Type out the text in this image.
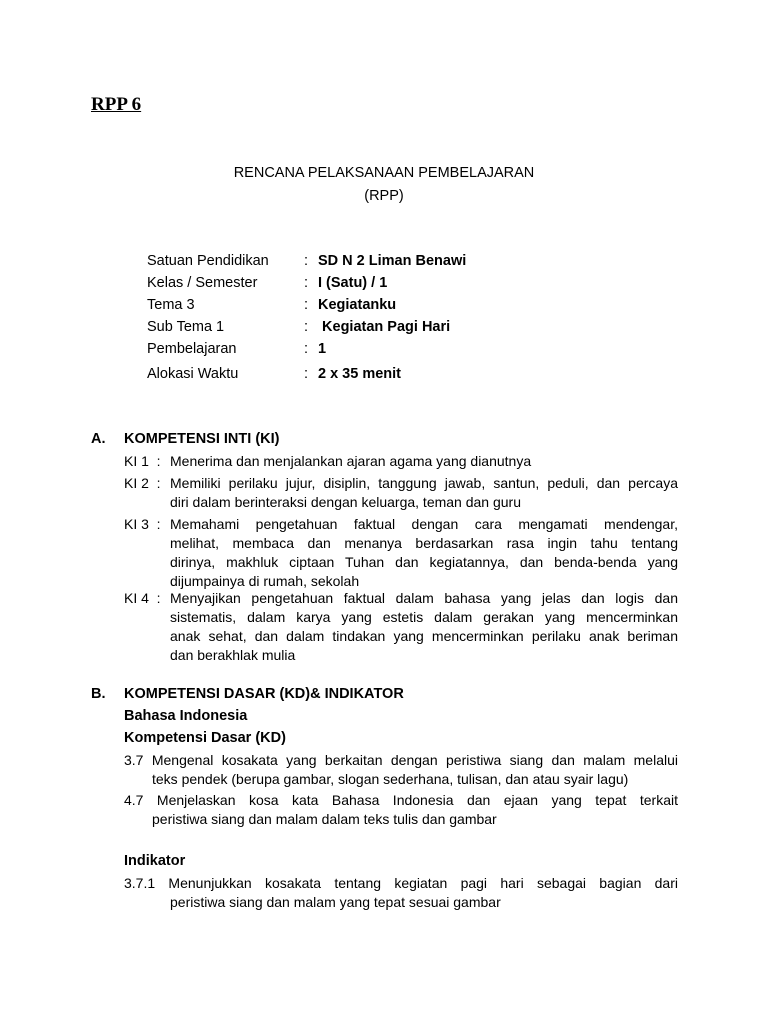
RPP 6
RENCANA PELAKSANAAN PEMBELAJARAN
(RPP)
Satuan Pendidikan	: SD N 2 Liman Benawi
Kelas / Semester	: I (Satu) / 1
Tema 3	: Kegiatanku
Sub Tema 1	: Kegiatan Pagi Hari
Pembelajaran	: 1
Alokasi Waktu	: 2 x 35 menit
A. KOMPETENSI INTI (KI)
KI 1  : Menerima dan menjalankan ajaran agama yang dianutnya
KI 2  : Memiliki perilaku jujur, disiplin, tanggung jawab, santun, peduli, dan percaya
diri dalam berinteraksi dengan keluarga, teman dan guru
KI 3  : Memahami pengetahuan faktual dengan cara mengamati mendengar,
melihat, membaca dan menanya berdasarkan rasa ingin tahu tentang
dirinya, makhluk ciptaan Tuhan dan kegiatannya, dan benda-benda yang
dijumpainya di rumah, sekolah
KI 4  : Menyajikan pengetahuan faktual dalam bahasa yang jelas dan logis dan
sistematis, dalam karya yang estetis dalam gerakan yang mencerminkan
anak sehat, dan dalam tindakan yang mencerminkan perilaku anak beriman
dan berakhlak mulia
B. KOMPETENSI DASAR (KD)& INDIKATOR
Bahasa Indonesia
Kompetensi Dasar (KD)
3.7 Mengenal kosakata yang berkaitan dengan peristiwa siang dan malam melalui
teks pendek (berupa gambar, slogan sederhana, tulisan, dan atau syair lagu)
4.7 Menjelaskan kosa kata Bahasa Indonesia dan ejaan yang tepat terkait
peristiwa siang dan malam dalam teks tulis dan gambar
Indikator
3.7.1 Menunjukkan kosakata tentang kegiatan pagi hari sebagai bagian dari
peristiwa siang dan malam yang tepat sesuai gambar
